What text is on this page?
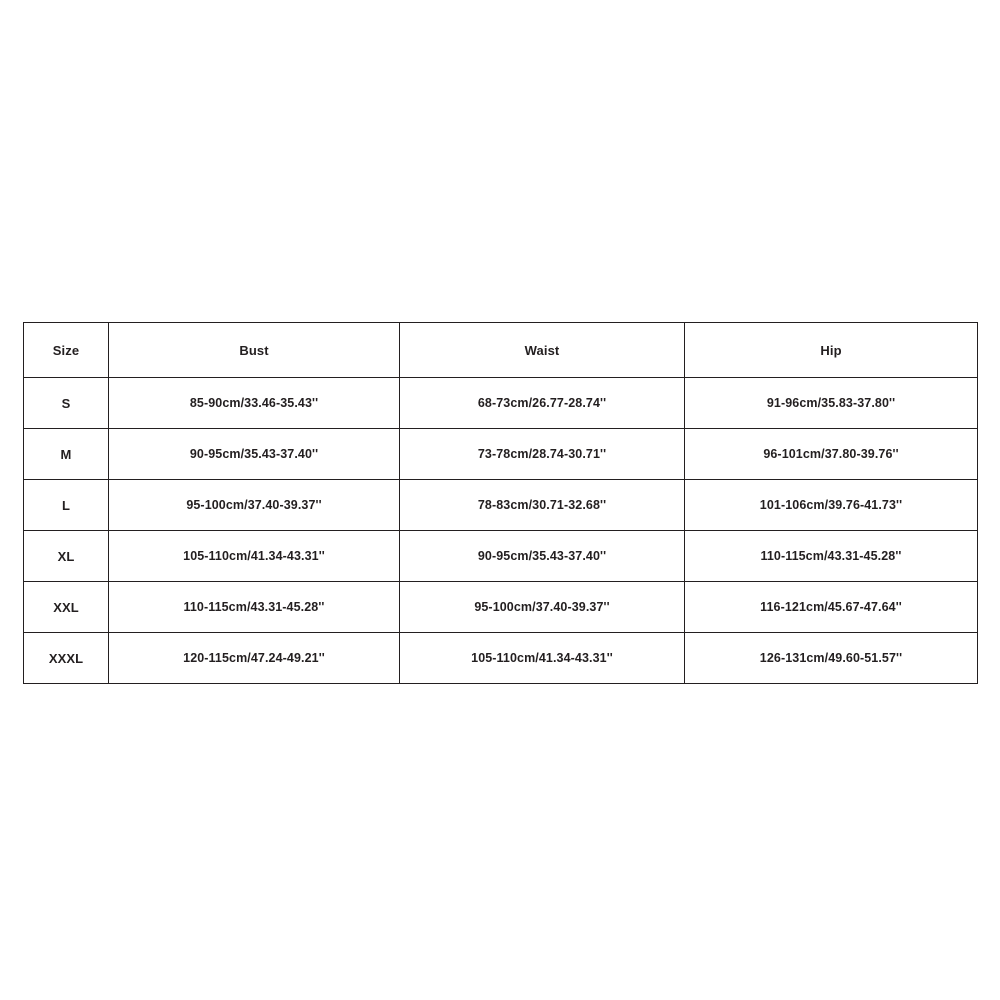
Size	Bust	Waist	Hip
S	85-90cm/33.46-35.43''	68-73cm/26.77-28.74''	91-96cm/35.83-37.80''
M	90-95cm/35.43-37.40''	73-78cm/28.74-30.71''	96-101cm/37.80-39.76''
L	95-100cm/37.40-39.37''	78-83cm/30.71-32.68''	101-106cm/39.76-41.73''
XL	105-110cm/41.34-43.31''	90-95cm/35.43-37.40''	110-115cm/43.31-45.28''
XXL	110-115cm/43.31-45.28''	95-100cm/37.40-39.37''	116-121cm/45.67-47.64''
XXXL	120-115cm/47.24-49.21''	105-110cm/41.34-43.31''	126-131cm/49.60-51.57''
